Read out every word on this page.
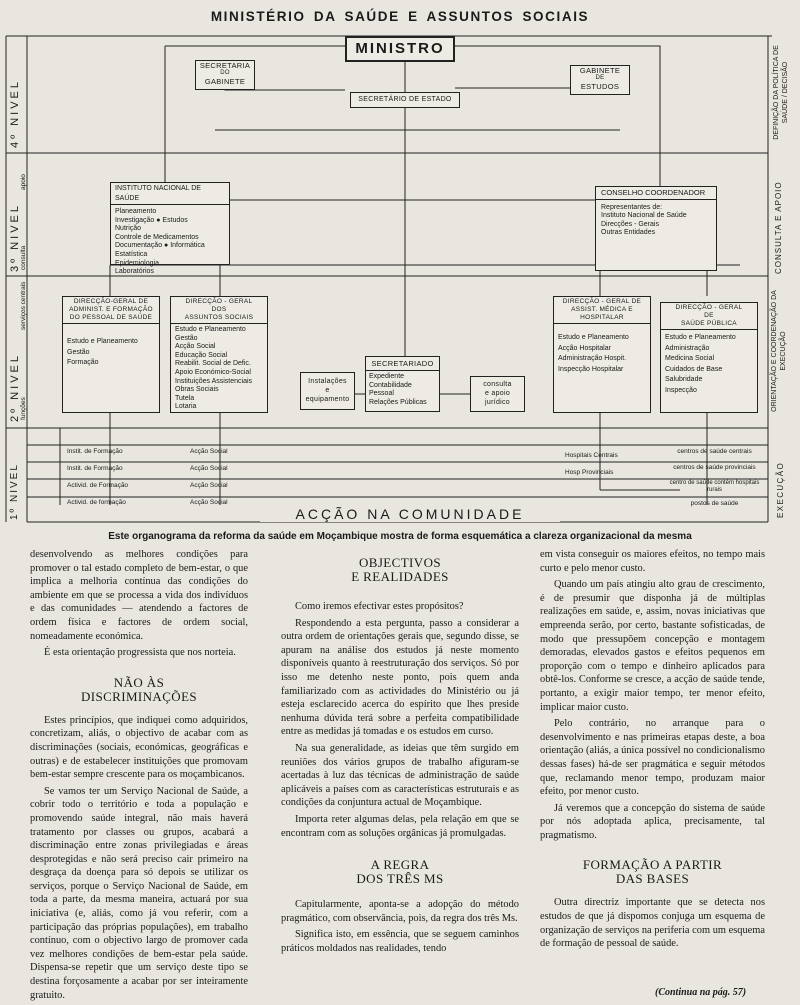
MINISTÉRIO DA SAÚDE E ASSUNTOS SOCIAIS
4º NIVEL
3º NIVEL consulta
apoio
2º NIVEL
serviços centrais
funções
1º NIVEL
DEFINIÇÃO DA POLÍTICA DE SAÚDE / DECISÃO
CONSULTA E APOIO
ORIENTAÇÃO E COORDENAÇÃO DA EXECUÇÃO
EXECUÇÃO
MINISTRO
SECRETARIA
DO
GABINETE
GABINETE
DE
ESTUDOS
SECRETÁRIO DE ESTADO
INSTITUTO NACIONAL DE SAÚDE
Planeamento
Investigação ● Estudos
Nutrição
Controle de Medicamentos
Documentação ● Informática
Estatística
Epidemiologia
Laboratórios
CONSELHO COORDENADOR
Representantes de:
Instituto Nacional de Saúde
Direcções - Gerais
Outras Entidades
DIRECÇÃO-GERAL DE
ADMINIST. E FORMAÇÃO
DO PESSOAL DE SAÚDE
Estudo e Planeamento
Gestão
Formação
DIRECÇÃO - GERAL
DOS
ASSUNTOS SOCIAIS
Estudo e Planeamento
Gestão
Acção Social
Educação Social
Reabilit. Social de Defic.
Apoio Económico-Social
Instituições Assistenciais
Obras Sociais
Tutela
Lotaria
Instalações
e
equipamento
SECRETARIADO
Expediente
Contabilidade
Pessoal
Relações Públicas
consulta
e apoio
jurídico
DIRECÇÃO - GERAL DE
ASSIST. MÉDICA E
HOSPITALAR
Estudo e Planeamento
Acção Hospitalar
Administração Hospit.
Inspecção Hospitalar
DIRECÇÃO - GERAL
DE
SAÚDE PÚBLICA
Estudo e Planeamento
Administração
Medicina Social
Cuidados de Base
Salubridade
Inspecção
Instit. de Formação
Instit. de Formação
Activid. de Formação
Activid. de formação
Acção Social
Acção Social
Acção Social
Acção Social
Hospitais Centrais
Hosp Provinciais
centros de saúde centrais
centros de saúde provinciais
centro de saúde contém hospitais rurais
postos de saúde
ACÇÃO NA COMUNIDADE
Este organograma da reforma da saúde em Moçambique mostra de forma esquemática a clareza organizacional da mesma

desenvolvendo as melhores condições para promover o tal estado completo de bem-estar, o que implica a melhoria contínua das condições do ambiente em que se processa a vida dos indivíduos e das comunidades — atendendo a factores de ordem física e factores de ordem social, nomeadamente económica.

É esta orientação progressista que nos norteia.

NÃO ÀS
DISCRIMINAÇÕES

Estes princípios, que indiquei como adquiridos, concretizam, aliás, o objectivo de acabar com as discriminações (sociais, económicas, geográficas e outras) e de estabelecer instituições que promovam bem-estar sempre crescente para os moçambicanos.

Se vamos ter um Serviço Nacional de Saúde, a cobrir todo o território e toda a população e promovendo saúde integral, não mais haverá tratamento por classes ou grupos, acabará a discriminação entre zonas privilegiadas e áreas desprotegidas e não será preciso cair primeiro na desgraça da doença para só depois se utilizar os serviços, porque o Serviço Nacional de Saúde, em toda a parte, da mesma maneira, actuará por sua iniciativa (e, aliás, como já vou referir, com a participação das próprias populações), em trabalho contínuo, com o objectivo largo de promover cada vez melhores condições de bem-estar pela saúde. Dispensa-se repetir que um serviço deste tipo se destina forçosamente a acabar por ser inteiramente gratuito.

OBJECTIVOS
E REALIDADES

Como iremos efectivar estes propósitos?

Respondendo a esta pergunta, passo a considerar a outra ordem de orientações gerais que, segundo disse, se apuram na análise dos estudos já neste momento disponíveis quanto à reestruturação dos serviços. Só por isso me detenho neste ponto, pois quem anda familiarizado com as actividades do Ministério ou já esteja esclarecido acerca do espírito que lhes preside nenhuma dúvida terá sobre a perfeita compatibilidade entre as medidas já tomadas e os estudos em curso.

Na sua generalidade, as ideias que têm surgido em reuniões dos vários grupos de trabalho afiguram-se acertadas à luz das técnicas de administração de saúde aplicáveis a países com as características estruturais e as condições da conjuntura actual de Moçambique.

Importa reter algumas delas, pela relação em que se encontram com as soluções orgânicas já promulgadas.

A REGRA
DOS TRÊS MS

Capitularmente, aponta-se a adopção do método pragmático, com observância, pois, da regra dos três Ms.

Significa isto, em essência, que se seguem caminhos práticos moldados nas realidades, tendo

em vista conseguir os maiores efeitos, no tempo mais curto e pelo menor custo.

Quando um país atingiu alto grau de crescimento, é de presumir que disponha já de múltiplas realizações em saúde, e, assim, novas iniciativas que empreenda serão, por certo, bastante sofisticadas, de modo que pressupõem concepção e montagem demoradas, elevados gastos e efeitos pequenos em proporção com o tempo e dinheiro aplicados para obtê-los. Conforme se cresce, a acção de saúde tende, portanto, a exigir maior tempo, ter menor efeito, implicar maior custo.

Pelo contrário, no arranque para o desenvolvimento e nas primeiras etapas deste, a boa orientação (aliás, a única possível no condicionalismo dessas fases) há-de ser pragmática e seguir métodos que, reclamando menor tempo, produzam maior efeito, por menor custo.

Já veremos que a concepção do sistema de saúde por nós adoptada aplica, precisamente, tal pragmatismo.

FORMAÇÃO A PARTIR
DAS BASES

Outra directriz importante que se detecta nos estudos de que já dispomos conjuga um esquema de organização de serviços na periferia com um esquema de formação de pessoal de saúde.

(Continua na pág. 57)
